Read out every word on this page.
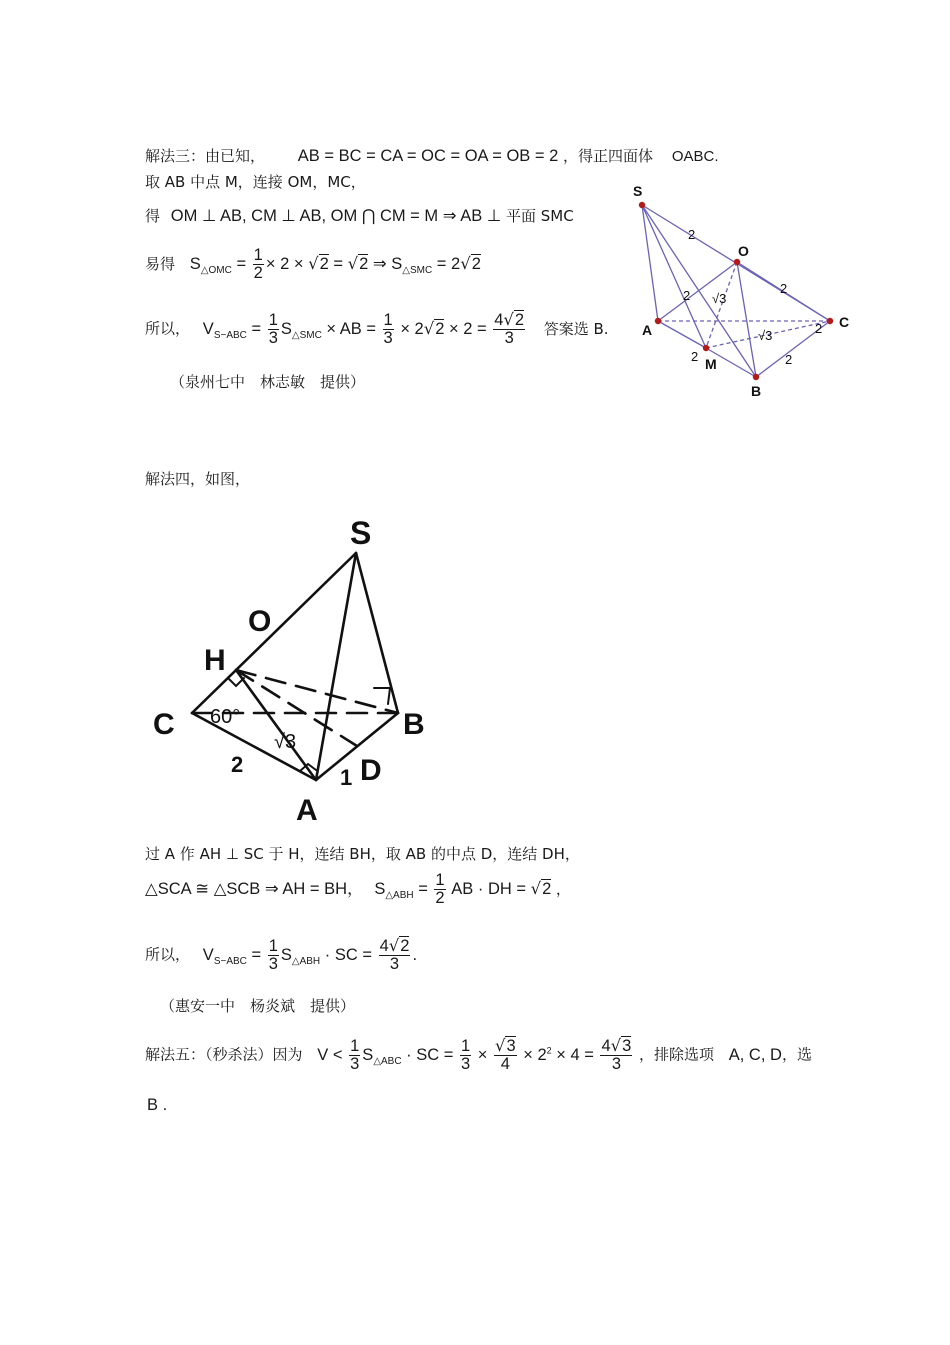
解法三：由已知， AB = BC = CA = OC = OA = OB = 2 ，得正四面体 OABC.
取 AB 中点 M，连接 OM，MC，
得 OM ⊥ AB, CM ⊥ AB, OM ⋂ CM = M ⇒ AB ⊥ 平面 SMC
易得 $S_{\triangle OMC} = \frac{1}{2} \times 2 \times √2 = √2$ ⇒ $S_{\triangle SMC} = 2√2$
所以， $V_{S-ABC} = \frac{1}{3} S_{\triangle SMC}$ × AB = $\frac{1}{3} \times 2√2 \times 2 = \frac{4√2}{3}$ 答案选 B.
（泉州七中　林志敏　提供）
S
O
A	C
M
B
2
2
2
2
2	2
√3
√3
解法四，如图，
S
O
H
C	B
D
A
2
1
60°
√3
过 A 作 AH ⊥ SC 于 H，连结 BH，取 AB 的中点 D，连结 DH，
△SCA ≅ △SCB ⇒ AH = BH， $S_{\triangle ABH} = \frac{1}{2}$ AB · DH = √2 ，
所以， $V_{S-ABC} = \frac{1}{3} S_{\triangle ABH}$ · SC = $\frac{4√2}{3}$ .
（惠安一中　杨炎斌　提供）
解法五：（秒杀法）因为 $V < \frac{1}{3} S_{\triangle ABC}$ · SC = $\frac{1}{3} \times \frac{√3}{4} \times 2^2 \times 4 = \frac{4√3}{3}$ ，排除选项 A, C, D，选
B .
